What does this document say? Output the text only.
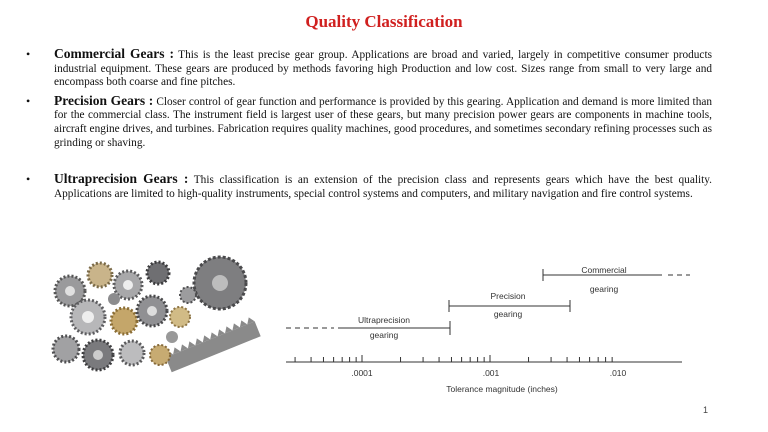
Quality Classification
• Commercial Gears : This is the least precise gear group. Applications are broad and varied, largely in competitive consumer products industrial equipment. These gears are produced by methods favoring high Production and low cost. Sizes range from small to very large and encompass both coarse and fine pitches.
• Precision Gears : Closer control of gear function and performance is provided by this gearing. Application and demand is more limited than for the commercial class. The instrument field is largest user of these gears, but many precision power gears are components in machine tools, aircraft engine drives, and turbines. Fabrication requires quality machines, good procedures, and sometimes secondary refining processes such as grinding or shaving.
• Ultraprecision Gears : This classification is an extension of the precision class and represents gears which have the best quality. Applications are limited to high-quality instruments, special control systems and computers, and military navigation and fire control systems.
Commercial
gearing
Precision
gearing
Ultraprecision
gearing
.0001	.001	.010
Tolerance magnitude (inches)
1
